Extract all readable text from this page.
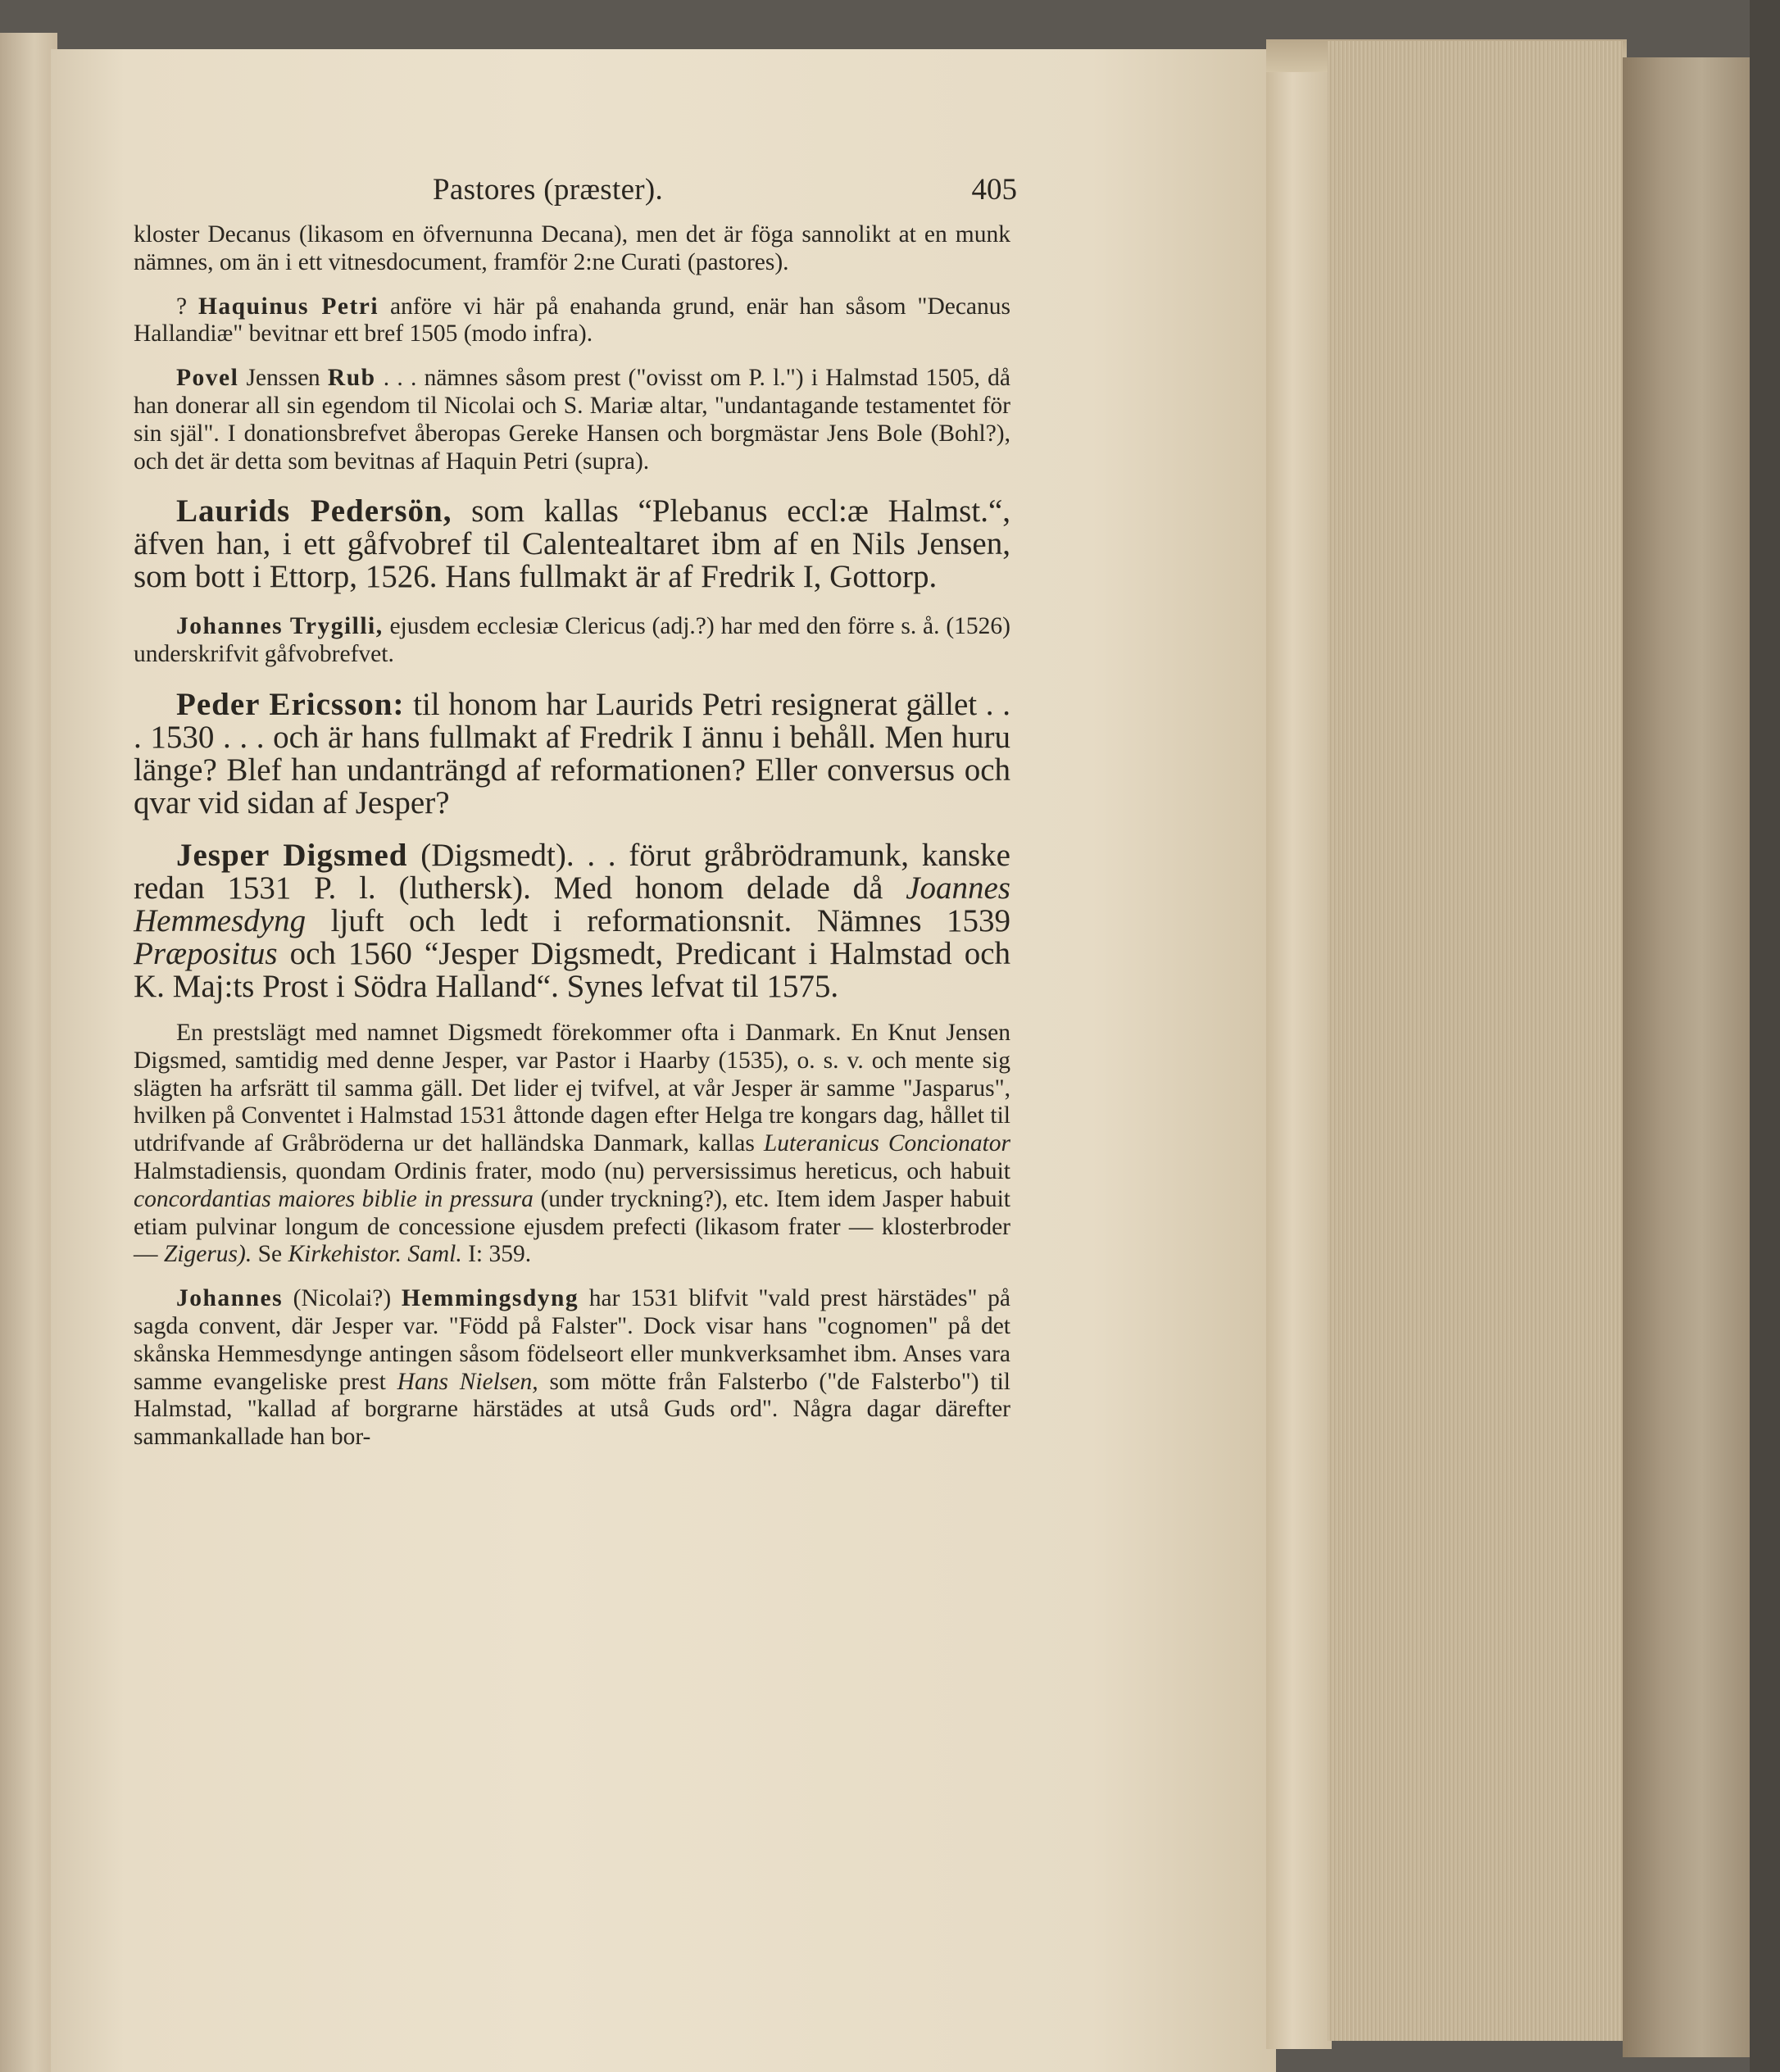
Pastores (præster).	405

kloster Decanus (likasom en öfvernunna Decana), men det är föga sannolikt at en munk nämnes, om än i ett vitnesdocument, framför 2:ne Curati (pastores).

? Haquinus Petri anföre vi här på enahanda grund, enär han såsom "Decanus Hallandiæ" bevitnar ett bref 1505 (modo infra).

Povel Jenssen Rub . . . nämnes såsom prest ("ovisst om P. l.") i Halmstad 1505, då han donerar all sin egendom til Nicolai och S. Mariæ altar, "undantagande testamentet för sin själ". I donationsbrefvet åberopas Gereke Hansen och borgmästar Jens Bole (Bohl?), och det är detta som bevitnas af Haquin Petri (supra).

Laurids Pedersön, som kallas “Plebanus eccl:æ Halmst.“, äfven han, i ett gåfvobref til Calentealtaret ibm af en Nils Jensen, som bott i Ettorp, 1526. Hans fullmakt är af Fredrik I, Gottorp.

Johannes Trygilli, ejusdem ecclesiæ Clericus (adj.?) har med den förre s. å. (1526) underskrifvit gåfvobrefvet.

Peder Ericsson: til honom har Laurids Petri resignerat gället . . . 1530 . . . och är hans fullmakt af Fredrik I ännu i behåll. Men huru länge? Blef han undanträngd af reformationen? Eller conversus och qvar vid sidan af Jesper?

Jesper Digsmed (Digsmedt). . . förut gråbrödramunk, kanske redan 1531 P. l. (luthersk). Med honom delade då Joannes Hemmesdyng ljuft och ledt i reformationsnit. Nämnes 1539 Præpositus och 1560 “Jesper Digsmedt, Predicant i Halmstad och K. Maj:ts Prost i Södra Halland“. Synes lefvat til 1575.

En prestslägt med namnet Digsmedt förekommer ofta i Danmark. En Knut Jensen Digsmed, samtidig med denne Jesper, var Pastor i Haarby (1535), o. s. v. och mente sig slägten ha arfsrätt til samma gäll. Det lider ej tvifvel, at vår Jesper är samme "Jasparus", hvilken på Conventet i Halmstad 1531 åttonde dagen efter Helga tre kongars dag, hållet til utdrifvande af Gråbröderna ur det halländska Danmark, kallas Luteranicus Concionator Halmstadiensis, quondam Ordinis frater, modo (nu) perversissimus hereticus, och habuit concordantias maiores biblie in pressura (under tryckning?), etc. Item idem Jasper habuit etiam pulvinar longum de concessione ejusdem prefecti (likasom frater — klosterbroder — Zigerus). Se Kirkehistor. Saml. I: 359.

Johannes (Nicolai?) Hemmingsdyng har 1531 blifvit "vald prest härstädes" på sagda convent, där Jesper var. "Född på Falster". Dock visar hans "cognomen" på det skånska Hemmesdynge antingen såsom födelseort eller munkverksamhet ibm. Anses vara samme evangeliske prest Hans Nielsen, som mötte från Falsterbo ("de Falsterbo") til Halmstad, "kallad af borgrarne härstädes at utså Guds ord". Några dagar därefter sammankallade han bor-
